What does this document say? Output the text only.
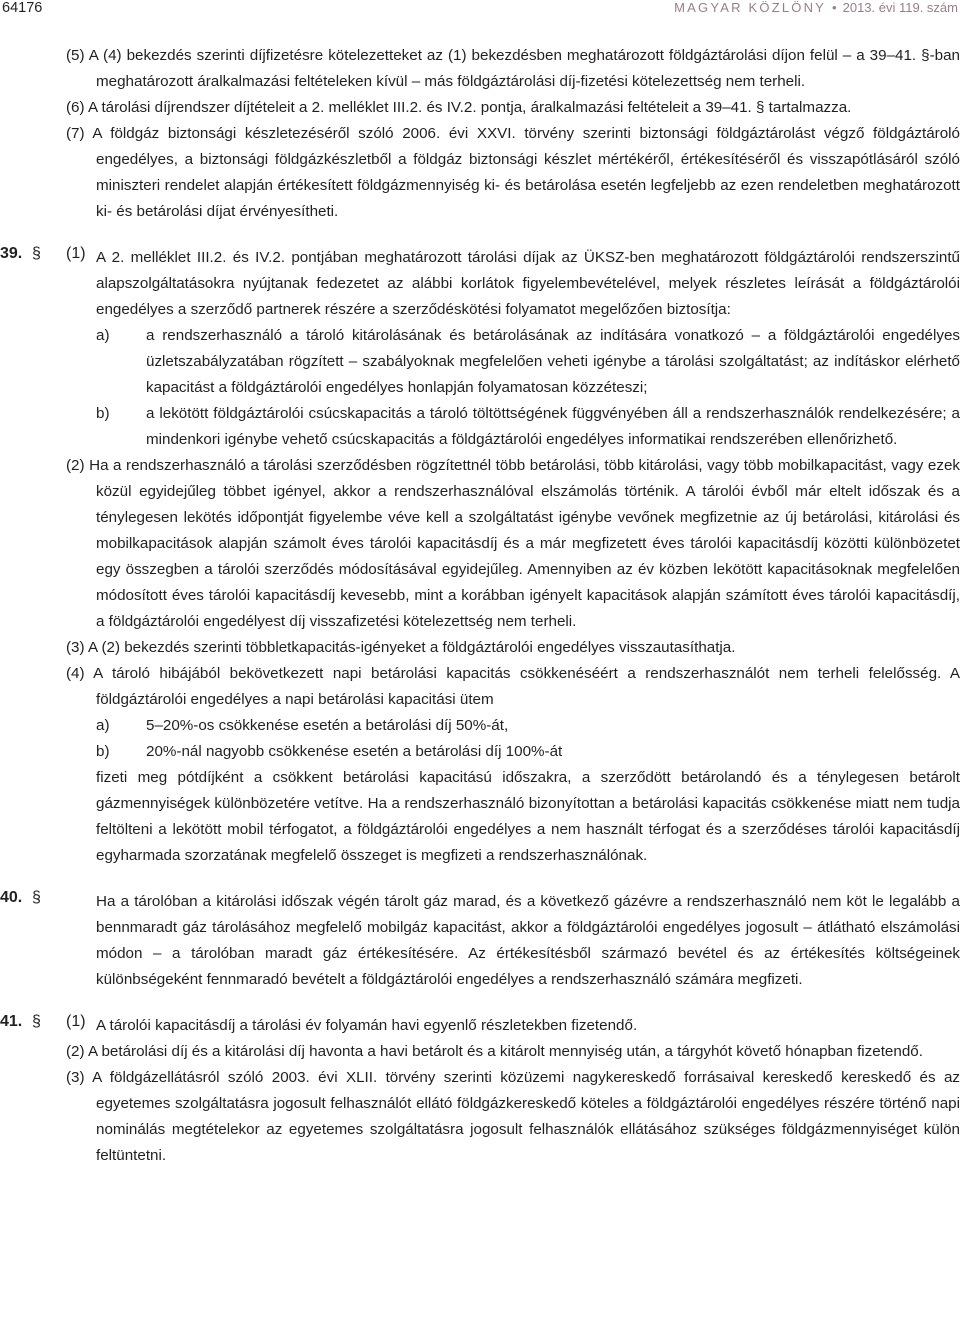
64176	MAGYAR KÖZLÖNY • 2013. évi 119. szám

(5) A (4) bekezdés szerinti díjfizetésre kötelezetteket az (1) bekezdésben meghatározott földgáztárolási díjon felül – a 39–41. §-ban meghatározott áralkalmazási feltételeken kívül – más földgáztárolási díj-fizetési kötelezettség nem terheli.

(6) A tárolási díjrendszer díjtételeit a 2. melléklet III.2. és IV.2. pontja, áralkalmazási feltételeit a 39–41. § tartalmazza.

(7) A földgáz biztonsági készletezéséről szóló 2006. évi XXVI. törvény szerinti biztonsági földgáztárolást végző földgáztároló engedélyes, a biztonsági földgázkészletből a földgáz biztonsági készlet mértékéről, értékesítéséről és visszapótlásáról szóló miniszteri rendelet alapján értékesített földgázmennyiség ki- és betárolása esetén legfeljebb az ezen rendeletben meghatározott ki- és betárolási díjat érvényesítheti.

39. § (1) A 2. melléklet III.2. és IV.2. pontjában meghatározott tárolási díjak az ÜKSZ-ben meghatározott földgáztárolói rendszerszintű alapszolgáltatásokra nyújtanak fedezetet az alábbi korlátok figyelembevételével, melyek részletes leírását a földgáztárolói engedélyes a szerződő partnerek részére a szerződéskötési folyamatot megelőzően biztosítja:

a) a rendszerhasználó a tároló kitárolásának és betárolásának az indítására vonatkozó – a földgáztárolói engedélyes üzletszabályzatában rögzített – szabályoknak megfelelően veheti igénybe a tárolási szolgáltatást; az indításkor elérhető kapacitást a földgáztárolói engedélyes honlapján folyamatosan közzéteszi;

b) a lekötött földgáztárolói csúcskapacitás a tároló töltöttségének függvényében áll a rendszerhasználók rendelkezésére; a mindenkori igénybe vehető csúcskapacitás a földgáztárolói engedélyes informatikai rendszerében ellenőrizhető.

(2) Ha a rendszerhasználó a tárolási szerződésben rögzítettnél több betárolási, több kitárolási, vagy több mobilkapacitást, vagy ezek közül egyidejűleg többet igényel, akkor a rendszerhasználóval elszámolás történik. A tárolói évből már eltelt időszak és a ténylegesen lekötés időpontját figyelembe véve kell a szolgáltatást igénybe vevőnek megfizetnie az új betárolási, kitárolási és mobilkapacitások alapján számolt éves tárolói kapacitásdíj és a már megfizetett éves tárolói kapacitásdíj közötti különbözetet egy összegben a tárolói szerződés módosításával egyidejűleg. Amennyiben az év közben lekötött kapacitásoknak megfelelően módosított éves tárolói kapacitásdíj kevesebb, mint a korábban igényelt kapacitások alapján számított éves tárolói kapacitásdíj, a földgáztárolói engedélyest díj visszafizetési kötelezettség nem terheli.

(3) A (2) bekezdés szerinti többletkapacitás-igényeket a földgáztárolói engedélyes visszautasíthatja.

(4) A tároló hibájából bekövetkezett napi betárolási kapacitás csökkenéséért a rendszerhasználót nem terheli felelősség. A földgáztárolói engedélyes a napi betárolási kapacitási ütem

a) 5–20%-os csökkenése esetén a betárolási díj 50%-át,

b) 20%-nál nagyobb csökkenése esetén a betárolási díj 100%-át

fizeti meg pótdíjként a csökkent betárolási kapacitású időszakra, a szerződött betárolandó és a ténylegesen betárolt gázmennyiségek különbözetére vetítve. Ha a rendszerhasználó bizonyítottan a betárolási kapacitás csökkenése miatt nem tudja feltölteni a lekötött mobil térfogatot, a földgáztárolói engedélyes a nem használt térfogat és a szerződéses tárolói kapacitásdíj egyharmada szorzatának megfelelő összeget is megfizeti a rendszerhasználónak.

40. §	Ha a tárolóban a kitárolási időszak végén tárolt gáz marad, és a következő gázévre a rendszerhasználó nem köt le legalább a bennmaradt gáz tárolásához megfelelő mobilgáz kapacitást, akkor a földgáztárolói engedélyes jogosult – átlátható elszámolási módon – a tárolóban maradt gáz értékesítésére. Az értékesítésből származó bevétel és az értékesítés költségeinek különbségeként fennmaradó bevételt a földgáztárolói engedélyes a rendszerhasználó számára megfizeti.

41. § (1) A tárolói kapacitásdíj a tárolási év folyamán havi egyenlő részletekben fizetendő.

(2) A betárolási díj és a kitárolási díj havonta a havi betárolt és a kitárolt mennyiség után, a tárgyhót követő hónapban fizetendő.

(3) A földgázellátásról szóló 2003. évi XLII. törvény szerinti közüzemi nagykereskedő forrásaival kereskedő kereskedő és az egyetemes szolgáltatásra jogosult felhasználót ellátó földgázkereskedő köteles a földgáztárolói engedélyes részére történő napi nominálás megtételekor az egyetemes szolgáltatásra jogosult felhasználók ellátásához szükséges földgázmennyiséget külön feltüntetni.
